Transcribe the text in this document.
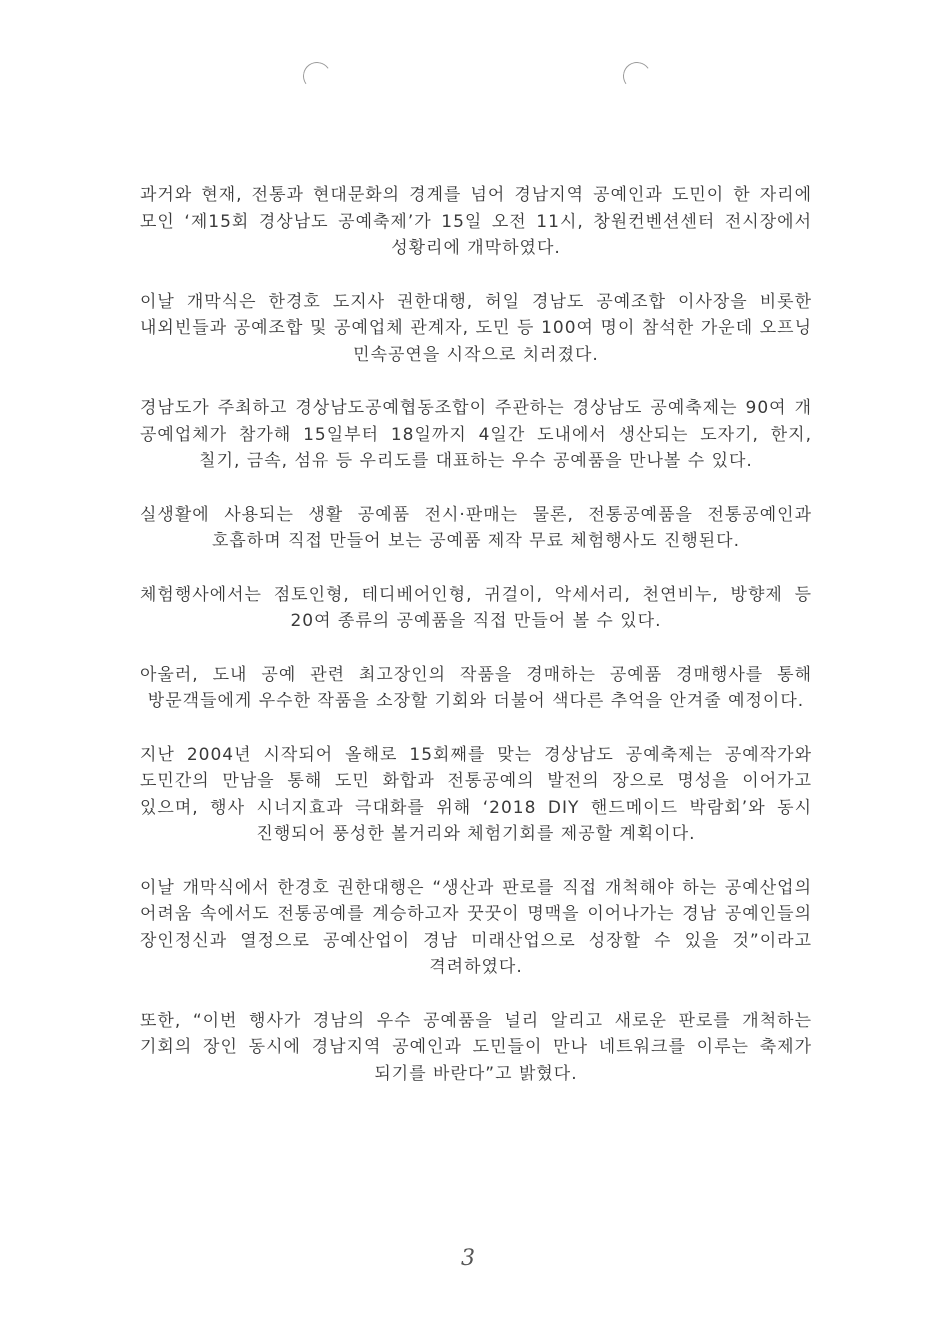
과거와 현재, 전통과 현대문화의 경계를 넘어 경남지역 공예인과 도민이 한 자리에 모인 ‘제15회 경상남도 공예축제’가 15일 오전 11시, 창원컨벤션센터 전시장에서 성황리에 개막하였다.

이날 개막식은 한경호 도지사 권한대행, 허일 경남도 공예조합 이사장을 비롯한 내외빈들과 공예조합 및 공예업체 관계자, 도민 등 100여 명이 참석한 가운데 오프닝 민속공연을 시작으로 치러졌다.

경남도가 주최하고 경상남도공예협동조합이 주관하는 경상남도 공예축제는 90여 개 공예업체가 참가해 15일부터 18일까지 4일간 도내에서 생산되는 도자기, 한지, 칠기, 금속, 섬유 등 우리도를 대표하는 우수 공예품을 만나볼 수 있다.

실생활에 사용되는 생활 공예품 전시·판매는 물론, 전통공예품을 전통공예인과 호흡하며 직접 만들어 보는 공예품 제작 무료 체험행사도 진행된다.

체험행사에서는 점토인형, 테디베어인형, 귀걸이, 악세서리, 천연비누, 방향제 등 20여 종류의 공예품을 직접 만들어 볼 수 있다.

아울러, 도내 공예 관련 최고장인의 작품을 경매하는 공예품 경매행사를 통해 방문객들에게 우수한 작품을 소장할 기회와 더불어 색다른 추억을 안겨줄 예정이다.

지난 2004년 시작되어 올해로 15회째를 맞는 경상남도 공예축제는 공예작가와 도민간의 만남을 통해 도민 화합과 전통공예의 발전의 장으로 명성을 이어가고 있으며, 행사 시너지효과 극대화를 위해 ‘2018 DIY 핸드메이드 박람회’와 동시 진행되어 풍성한 볼거리와 체험기회를 제공할 계획이다.

이날 개막식에서 한경호 권한대행은 “생산과 판로를 직접 개척해야 하는 공예산업의 어려움 속에서도 전통공예를 계승하고자 꿋꿋이 명맥을 이어나가는 경남 공예인들의 장인정신과 열정으로 공예산업이 경남 미래산업으로 성장할 수 있을 것”이라고 격려하였다.

또한, “이번 행사가 경남의 우수 공예품을 널리 알리고 새로운 판로를 개척하는 기회의 장인 동시에 경남지역 공예인과 도민들이 만나 네트워크를 이루는 축제가 되기를 바란다”고 밝혔다.

3
